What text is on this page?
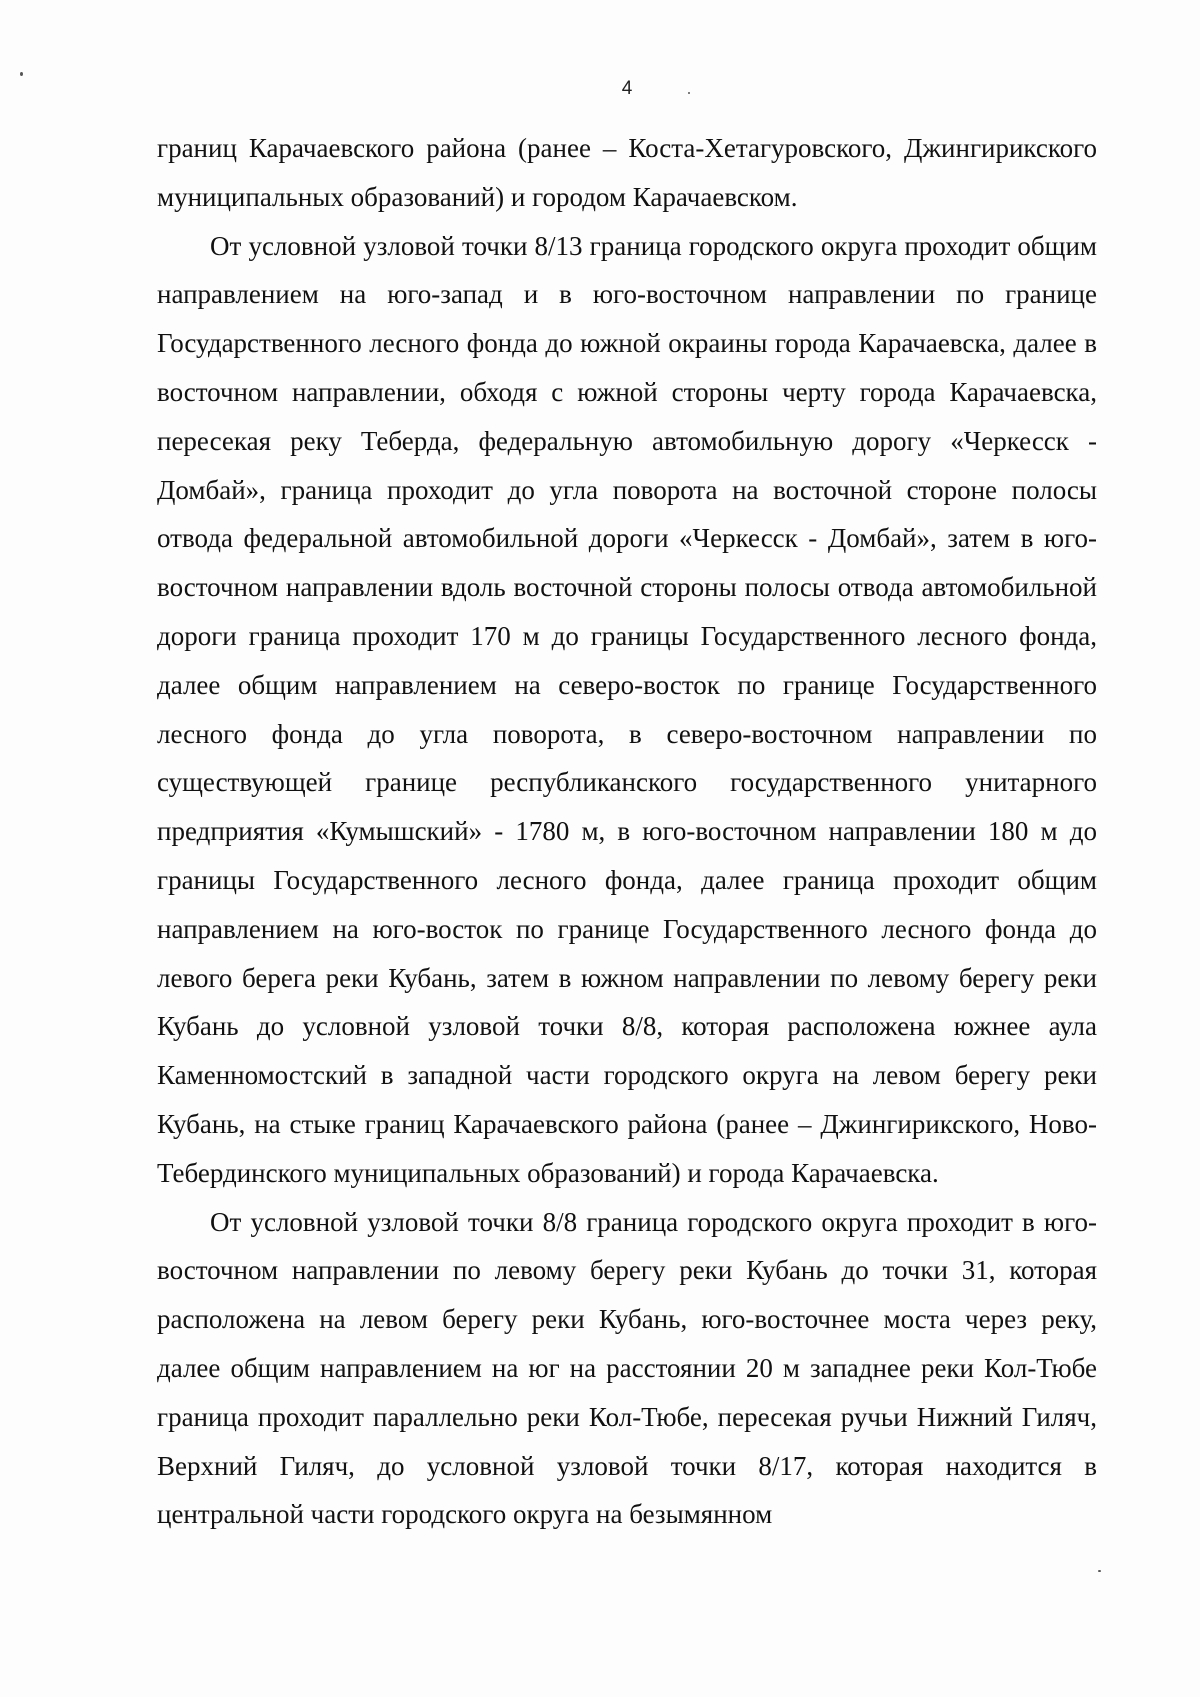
4

границ Карачаевского района (ранее – Коста-Хетагуровского, Джингирикского муниципальных образований) и городом Карачаевском.

От условной узловой точки 8/13 граница городского округа проходит общим направлением на юго-запад и в юго-восточном направлении по границе Государственного лесного фонда до южной окраины города Карачаевска, далее в восточном направлении, обходя с южной стороны черту города Карачаевска, пересекая реку Теберда, федеральную автомобильную дорогу «Черкесск - Домбай», граница проходит до угла поворота на восточной стороне полосы отвода федеральной автомобильной дороги «Черкесск - Домбай», затем в юго-восточном направлении вдоль восточной стороны полосы отвода автомобильной дороги граница проходит 170 м до границы Государственного лесного фонда, далее общим направлением на северо-восток по границе Государственного лесного фонда до угла поворота, в северо-восточном направлении по существующей границе республиканского государственного унитарного предприятия «Кумышский» - 1780 м, в юго-восточном направлении 180 м до границы Государственного лесного фонда, далее граница проходит общим направлением на юго-восток по границе Государственного лесного фонда до левого берега реки Кубань, затем в южном направлении по левому берегу реки Кубань до условной узловой точки 8/8, которая расположена южнее аула Каменномостский в западной части городского округа на левом берегу реки Кубань, на стыке границ Карачаевского района (ранее – Джингирикского, Ново-Тебердинского муниципальных образований) и города Карачаевска.

От условной узловой точки 8/8 граница городского округа проходит в юго-восточном направлении по левому берегу реки Кубань до точки 31, которая расположена на левом берегу реки Кубань, юго-восточнее моста через реку, далее общим направлением на юг на расстоянии 20 м западнее реки Кол-Тюбе граница проходит параллельно реки Кол-Тюбе, пересекая ручьи Нижний Гиляч, Верхний Гиляч, до условной узловой точки 8/17, которая находится в центральной части городского округа на безымянном
